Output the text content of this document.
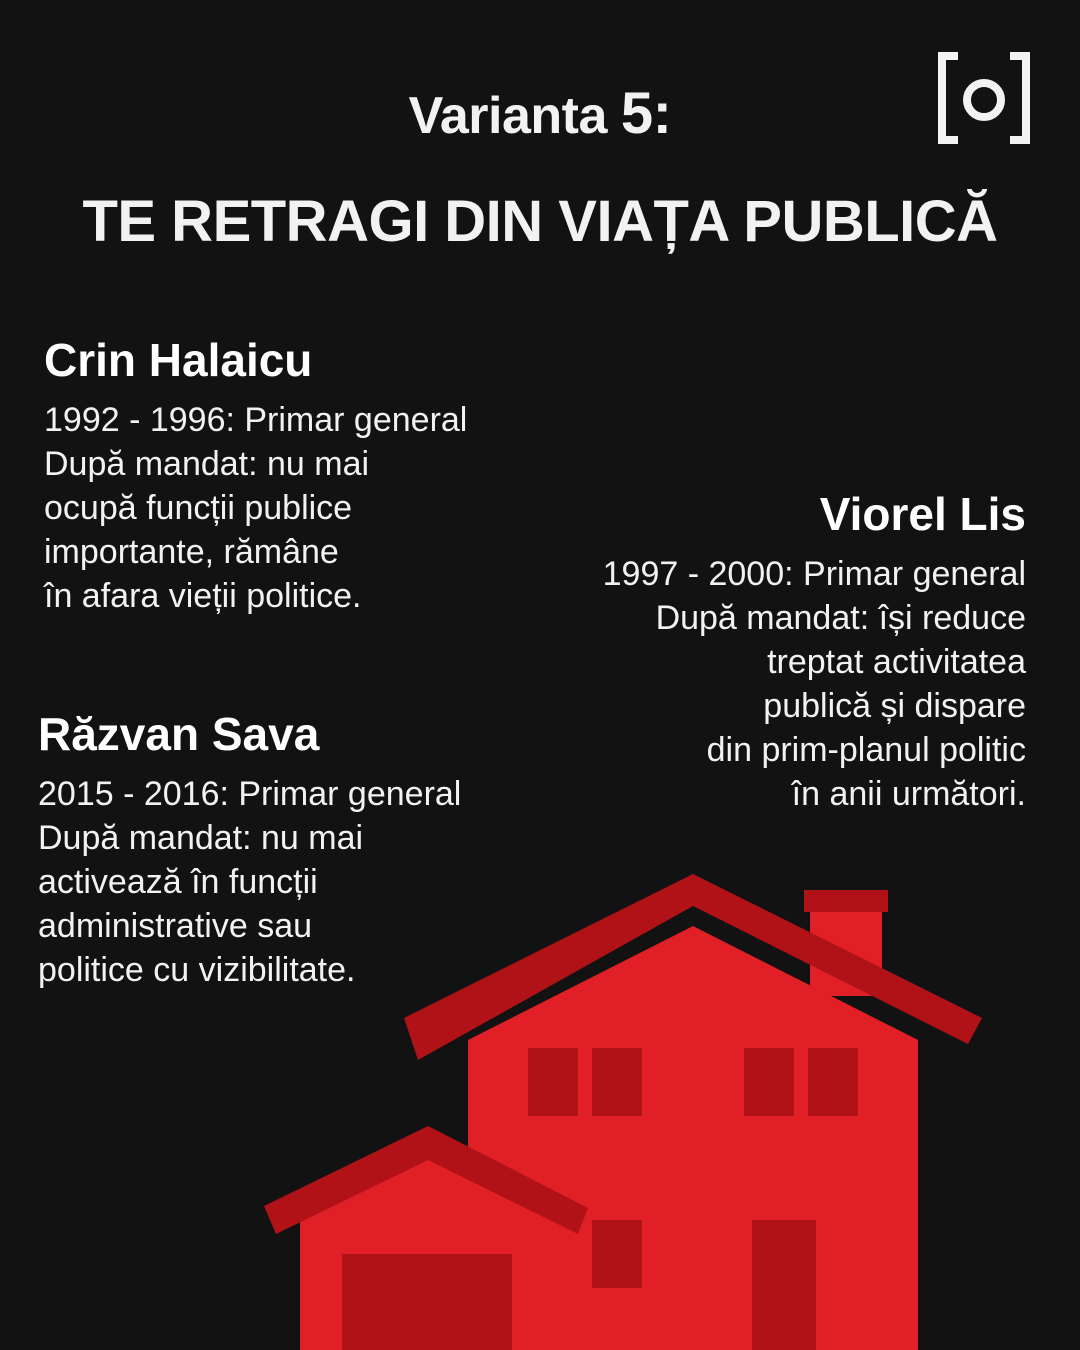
Varianta 5:
TE RETRAGI DIN VIAȚA PUBLICĂ
Crin Halaicu
1992 - 1996: Primar general
După mandat: nu mai
ocupă funcții publice
importante, rămâne
în afara vieții politice.
Viorel Lis
1997 - 2000: Primar general
După mandat: își reduce
treptat activitatea
publică și dispare
din prim-planul politic
în anii următori.
Răzvan Sava
2015 - 2016: Primar general
După mandat: nu mai
activează în funcții
administrative sau
politice cu vizibilitate.
